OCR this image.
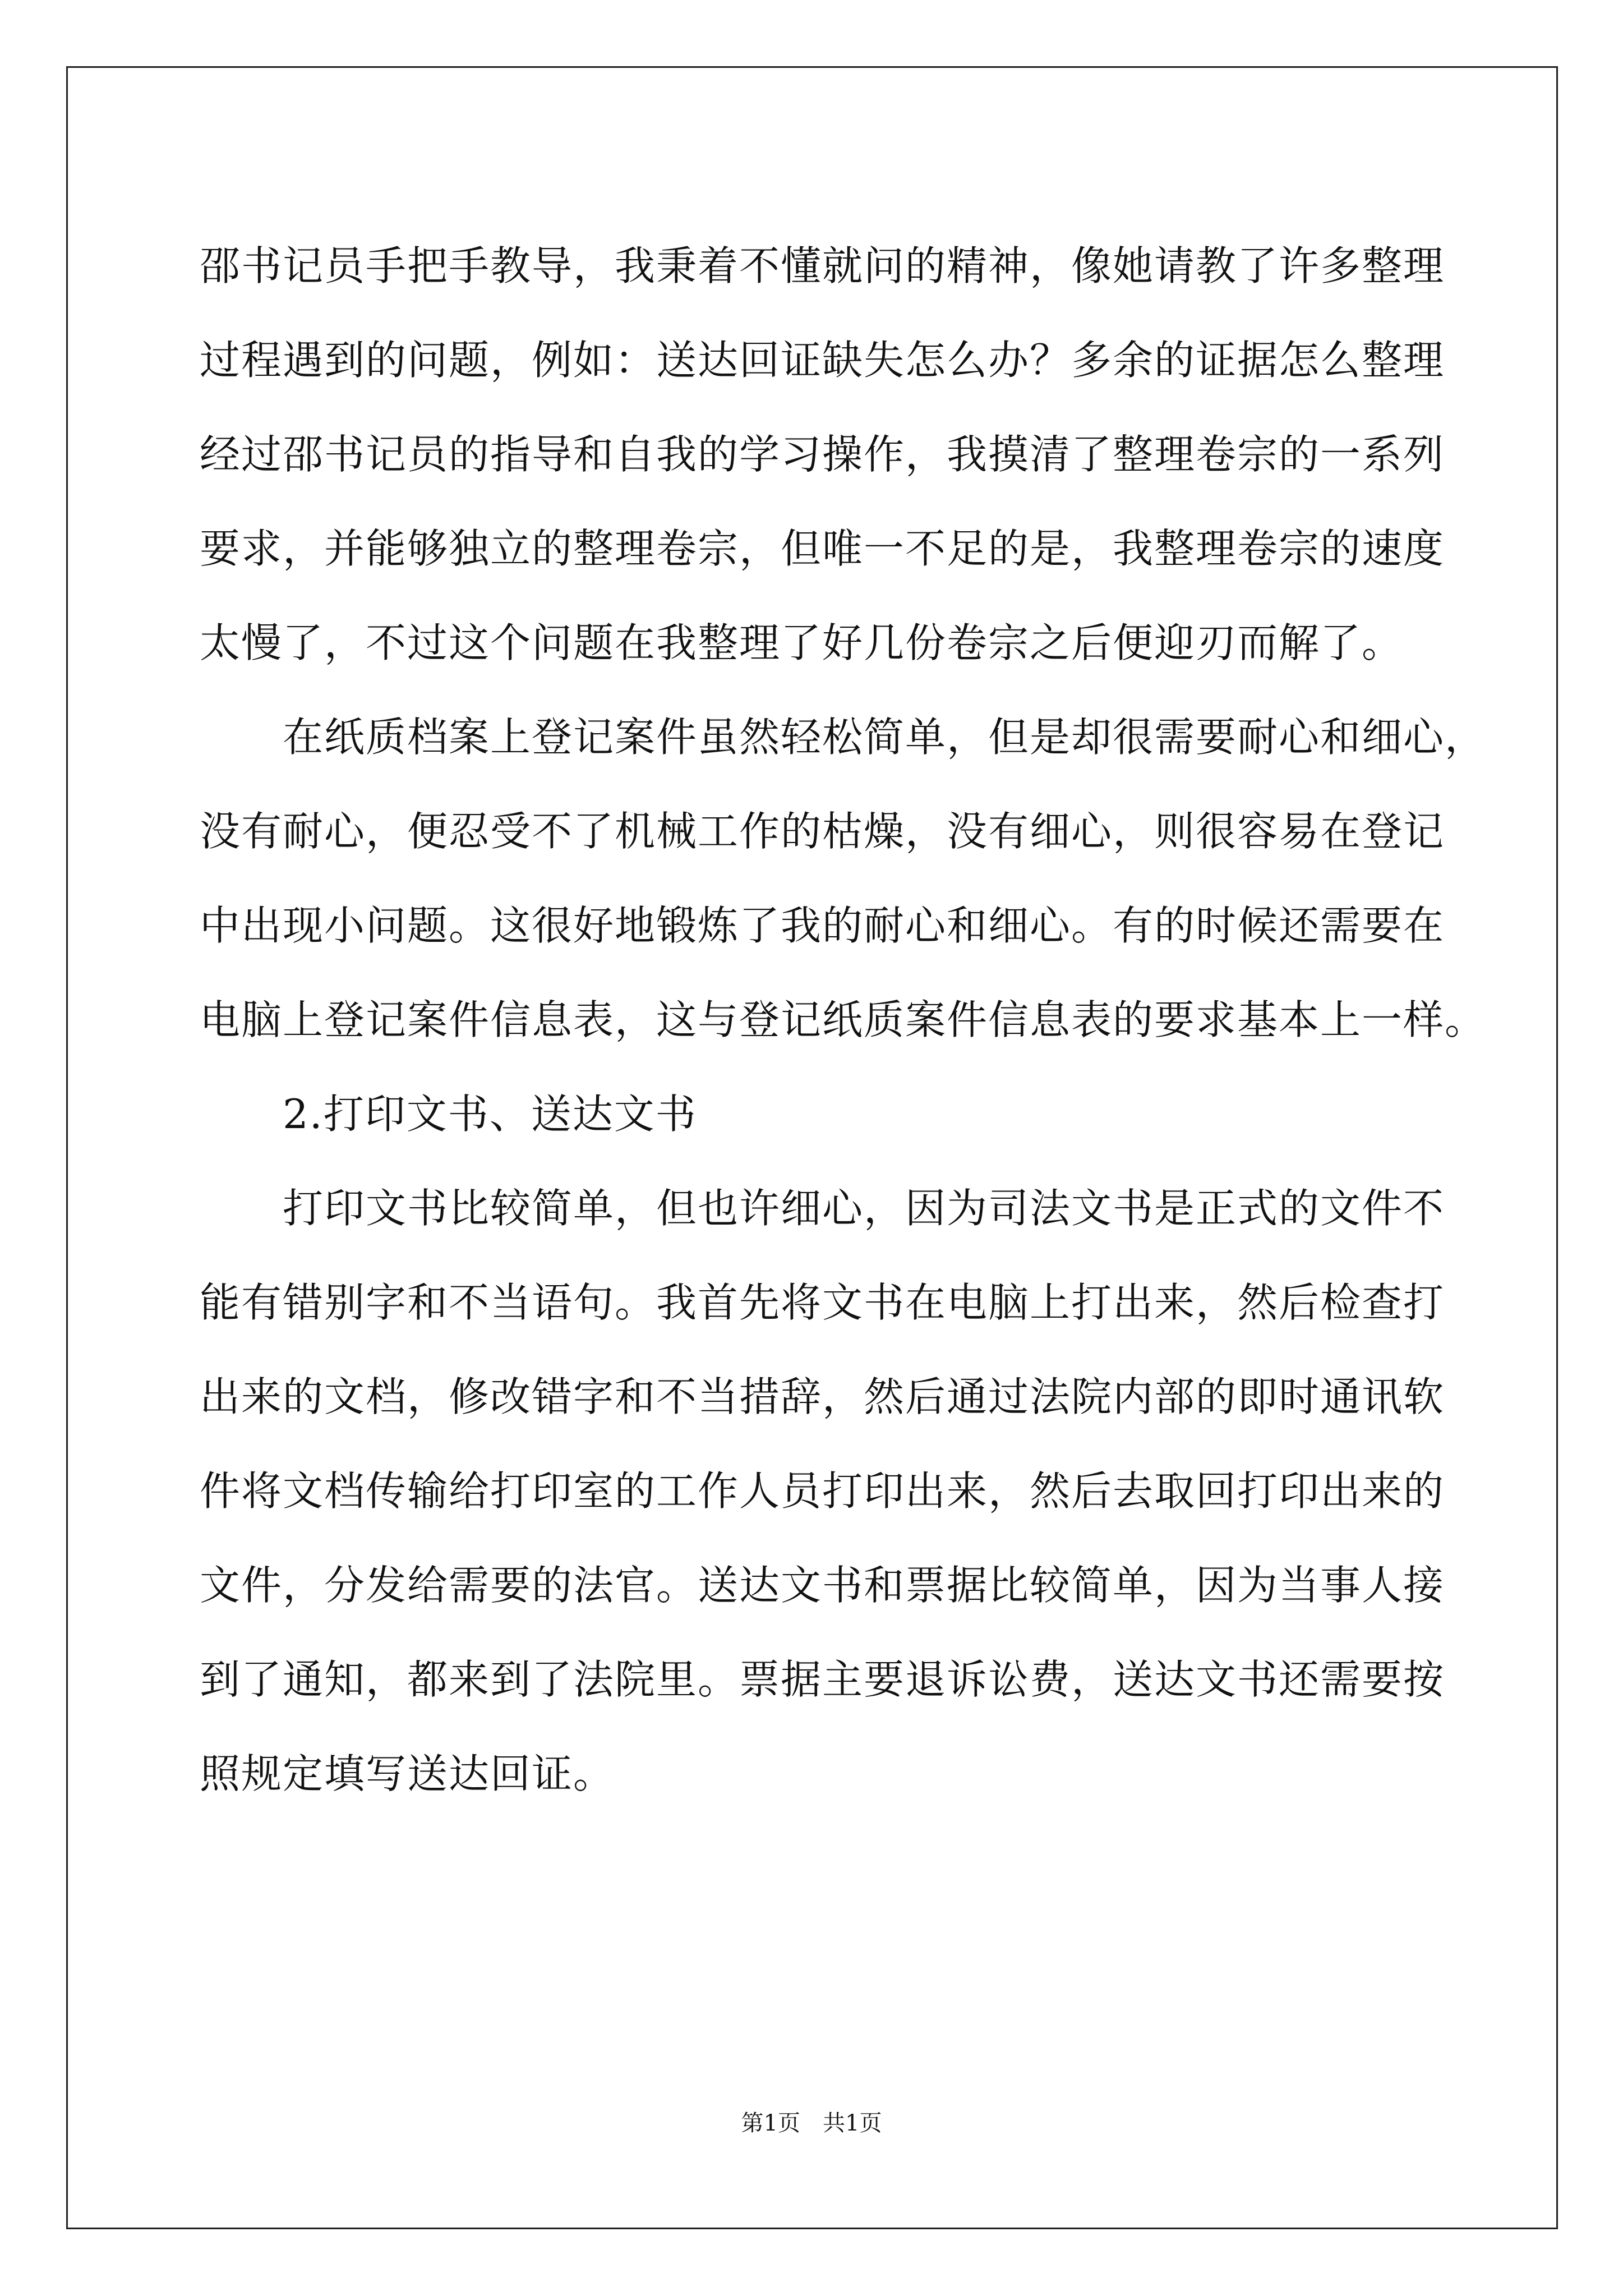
邵书记员手把手教导，我秉着不懂就问的精神，像她请教了许多整理
过程遇到的问题，例如：送达回证缺失怎么办？多余的证据怎么整理
经过邵书记员的指导和自我的学习操作，我摸清了整理卷宗的一系列
要求，并能够独立的整理卷宗，但唯一不足的是，我整理卷宗的速度
太慢了，不过这个问题在我整理了好几份卷宗之后便迎刃而解了。
在纸质档案上登记案件虽然轻松简单，但是却很需要耐心和细心，
没有耐心，便忍受不了机械工作的枯燥，没有细心，则很容易在登记
中出现小问题。这很好地锻炼了我的耐心和细心。有的时候还需要在
电脑上登记案件信息表，这与登记纸质案件信息表的要求基本上一样。
2.打印文书、送达文书
打印文书比较简单，但也许细心，因为司法文书是正式的文件不
能有错别字和不当语句。我首先将文书在电脑上打出来，然后检查打
出来的文档，修改错字和不当措辞，然后通过法院内部的即时通讯软
件将文档传输给打印室的工作人员打印出来，然后去取回打印出来的
文件，分发给需要的法官。送达文书和票据比较简单，因为当事人接
到了通知，都来到了法院里。票据主要退诉讼费，送达文书还需要按
照规定填写送达回证。
第1页 共1页
